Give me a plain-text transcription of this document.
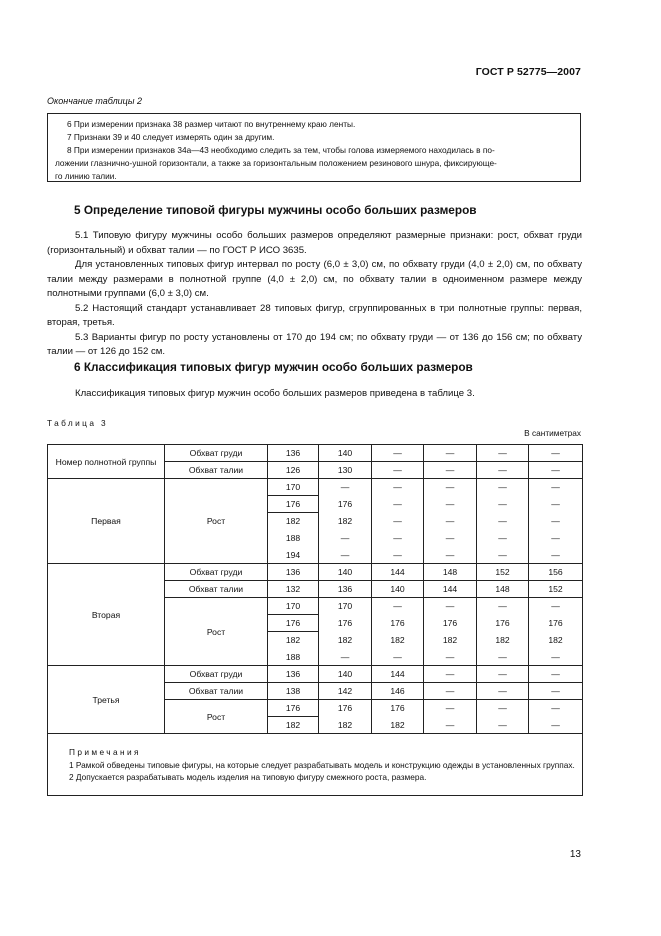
ГОСТ Р 52775—2007
Окончание таблицы 2

6 При измерении признака 38 размер читают по внутреннему краю ленты.

7 Признаки 39 и 40 следует измерять один за другим.

8 При измерении признаков 34а—43 необходимо следить за тем, чтобы голова измеряемого находилась в по-

ложении глазнично-ушной горизонтали, а также за горизонтальным положением резинового шнура, фиксирующе-

го линию талии.

5 Определение типовой фигуры мужчины особо больших размеров

5.1 Типовую фигуру мужчины особо больших размеров определяют размерные признаки: рост, обхват груди (горизонтальный) и обхват талии — по ГОСТ Р ИСО 3635.

Для установленных типовых фигур интервал по росту (6,0 ± 3,0) см, по обхвату груди (4,0 ± 2,0) см, по обхвату талии между размерами в полнотной группе (4,0 ± 2,0) см, по обхвату талии в одноименном размере между полнотными группами (6,0 ± 3,0) см.

5.2 Настоящий стандарт устанавливает 28 типовых фигур, сгруппированных в три полнотные группы: первая, вторая, третья.

5.3 Варианты фигур по росту установлены от 170 до 194 см; по обхвату груди — от 136 до 156 см; по обхвату талии — от 126 до 152 см.

6 Классификация типовых фигур мужчин особо больших размеров

Классификация типовых фигур мужчин особо больших размеров приведена в таблице 3.

Таблица 3
В сантиметрах
Номер полнотной группы	Обхват груди	136	140	—	—	—	—
	Обхват талии	126	130	—	—	—	—
Первая	Рост	170	—	—	—	—	—
		176	176	—	—	—	—
		182	182	—	—	—	—
		188	—	—	—	—	—
		194	—	—	—	—	—
Вторая	Обхват груди	136	140	144	148	152	156
	Обхват талии	132	136	140	144	148	152
	Рост	170	170	—	—	—	—
		176	176	176	176	176	176
		182	182	182	182	182	182
		188	—	—	—	—	—
Третья	Обхват груди	136	140	144	—	—	—
	Обхват талии	138	142	146	—	—	—
	Рост	176	176	176	—	—	—
		182	182	182	—	—	—

Примечания
1 Рамкой обведены типовые фигуры, на которые следует разрабатывать модель и конструкцию одежды в установленных группах.
2 Допускается разрабатывать модель изделия на типовую фигуру смежного роста, размера.							
13
